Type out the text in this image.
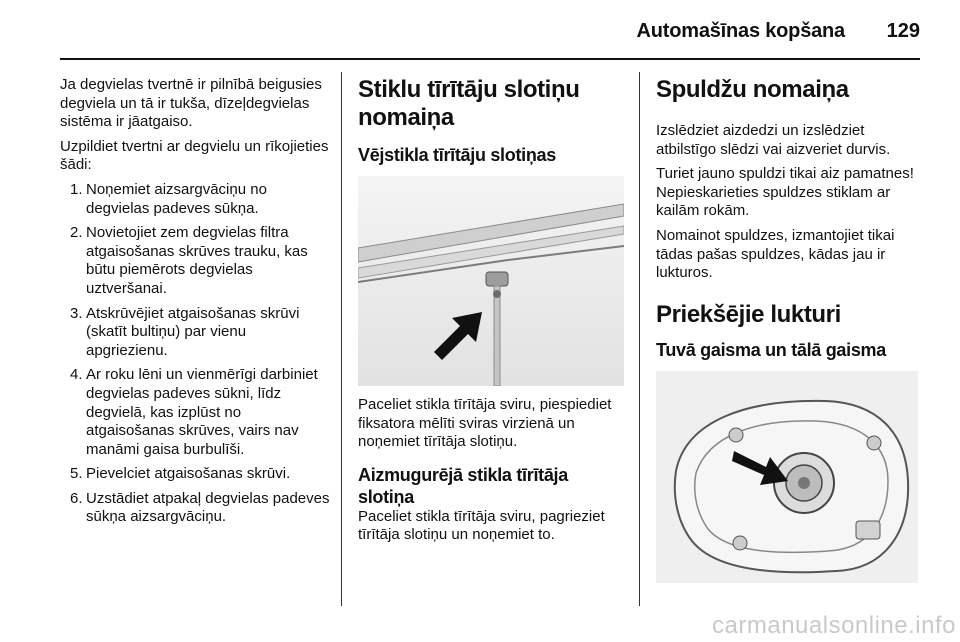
Automašīnas kopšana 129

Ja degvielas tvertnē ir pilnībā beigusies degviela un tā ir tukša, dīzeļdegvielas sistēma ir jāatgaiso.

Uzpildiet tvertni ar degvielu un rīkojieties šādi:

1. Noņemiet aizsargvāciņu no degvielas padeves sūkņa.
2. Novietojiet zem degvielas filtra atgaisošanas skrūves trauku, kas būtu piemērots degvielas uztveršanai.
3. Atskrūvējiet atgaisošanas skrūvi (skatīt bultiņu) par vienu apgriezienu.
4. Ar roku lēni un vienmērīgi darbiniet degvielas padeves sūkni, līdz degvielā, kas izplūst no atgaisošanas skrūves, vairs nav manāmi gaisa burbulīši.
5. Pievelciet atgaisošanas skrūvi.
6. Uzstādiet atpakaļ degvielas padeves sūkņa aizsargvāciņu.
Stiklu tīrītāju slotiņu nomaiņa
Vējstikla tīrītāju slotiņas

Paceliet stikla tīrītāja sviru, piespiediet fiksatora mēlīti sviras virzienā un noņemiet tīrītāja slotiņu.

Aizmugurējā stikla tīrītāja slotiņa

Paceliet stikla tīrītāja sviru, pagrieziet tīrītāja slotiņu un noņemiet to.

Spuldžu nomaiņa

Izslēdziet aizdedzi un izslēdziet atbilstīgo slēdzi vai aizveriet durvis.

Turiet jauno spuldzi tikai aiz pamatnes! Nepieskarieties spuldzes stiklam ar kailām rokām.

Nomainot spuldzes, izmantojiet tikai tādas pašas spuldzes, kādas jau ir lukturos.

Priekšējie lukturi
Tuvā gaisma un tālā gaisma
carmanualsonline.info
